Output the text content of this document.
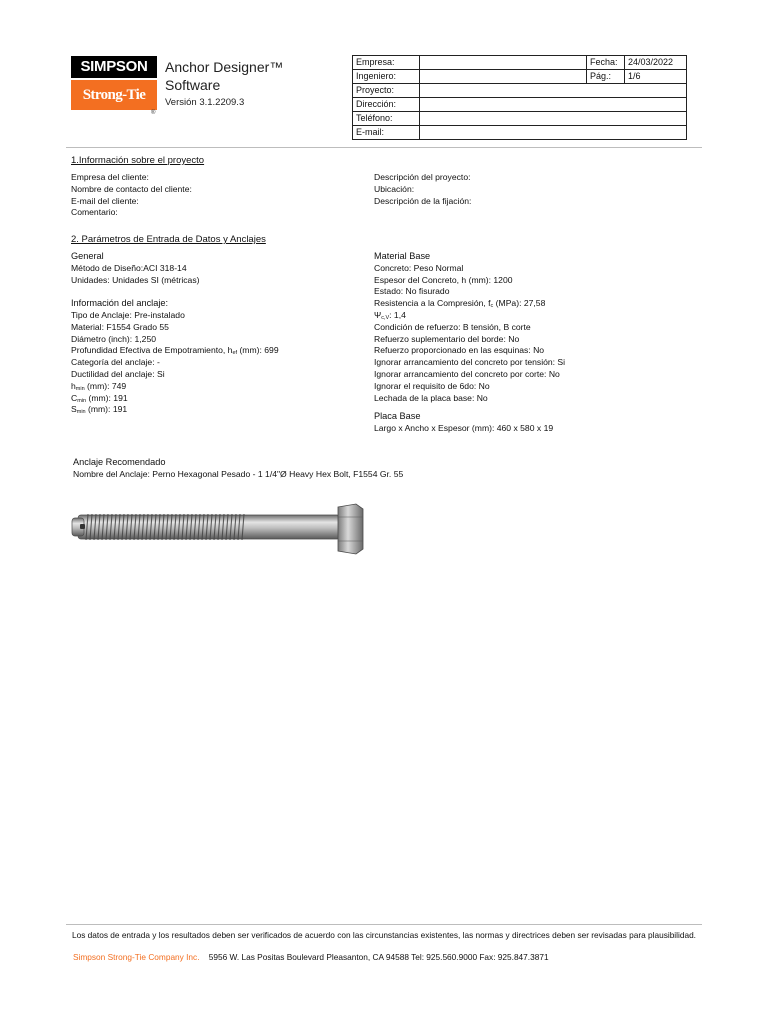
SIMPSON
Strong-Tie
®
Anchor Designer™
Software
Versión 3.1.2209.3
Empresa:		Fecha:	24/03/2022
Ingeniero:		Pág.:	1/6
Proyecto:			
Dirección:			
Teléfono:			
E-mail:			
1.Información sobre el proyecto
Empresa del cliente:
Nombre de contacto del cliente:
E-mail del cliente:
Comentario:
Descripción del proyecto:
Ubicación:
Descripción de la fijación:
2. Parámetros de Entrada de Datos y Anclajes
General
Método de Diseño:ACI 318-14
Unidades: Unidades SI (métricas)
Información del anclaje:
Tipo de Anclaje: Pre-instalado
Material: F1554 Grado 55
Diámetro (inch): 1,250
Profundidad Efectiva de Empotramiento, $h_{ef}$ (mm): 699
Categoría del anclaje: -
Ductilidad del anclaje: Si
$h_{min}$ (mm): 749
$C_{min}$ (mm): 191
$S_{min}$ (mm): 191
Material Base
Concreto: Peso Normal
Espesor del Concreto, h (mm): 1200
Estado: No fisurado
Resistencia a la Compresión, $f_c$ (MPa): 27,58
$\Psi_{c,V}$: 1,4
Condición de refuerzo: B tensión, B corte
Refuerzo suplementario del borde: No
Refuerzo proporcionado en las esquinas: No
Ignorar arrancamiento del concreto por tensión: Si
Ignorar arrancamiento del concreto por corte: No
Ignorar el requisito de 6do: No
Lechada de la placa base: No
Placa Base
Largo x Ancho x Espesor (mm): 460 x 580 x 19
Anclaje Recomendado
Nombre del Anclaje: Perno Hexagonal Pesado - 1 1/4"Ø Heavy Hex Bolt, F1554 Gr. 55
Los datos de entrada y los resultados deben ser verificados de acuerdo con las circunstancias existentes, las normas y directrices deben ser revisadas para plausibilidad.
Simpson Strong-Tie Company Inc. 5956 W. Las Positas Boulevard Pleasanton, CA 94588 Tel: 925.560.9000 Fax: 925.847.3871
